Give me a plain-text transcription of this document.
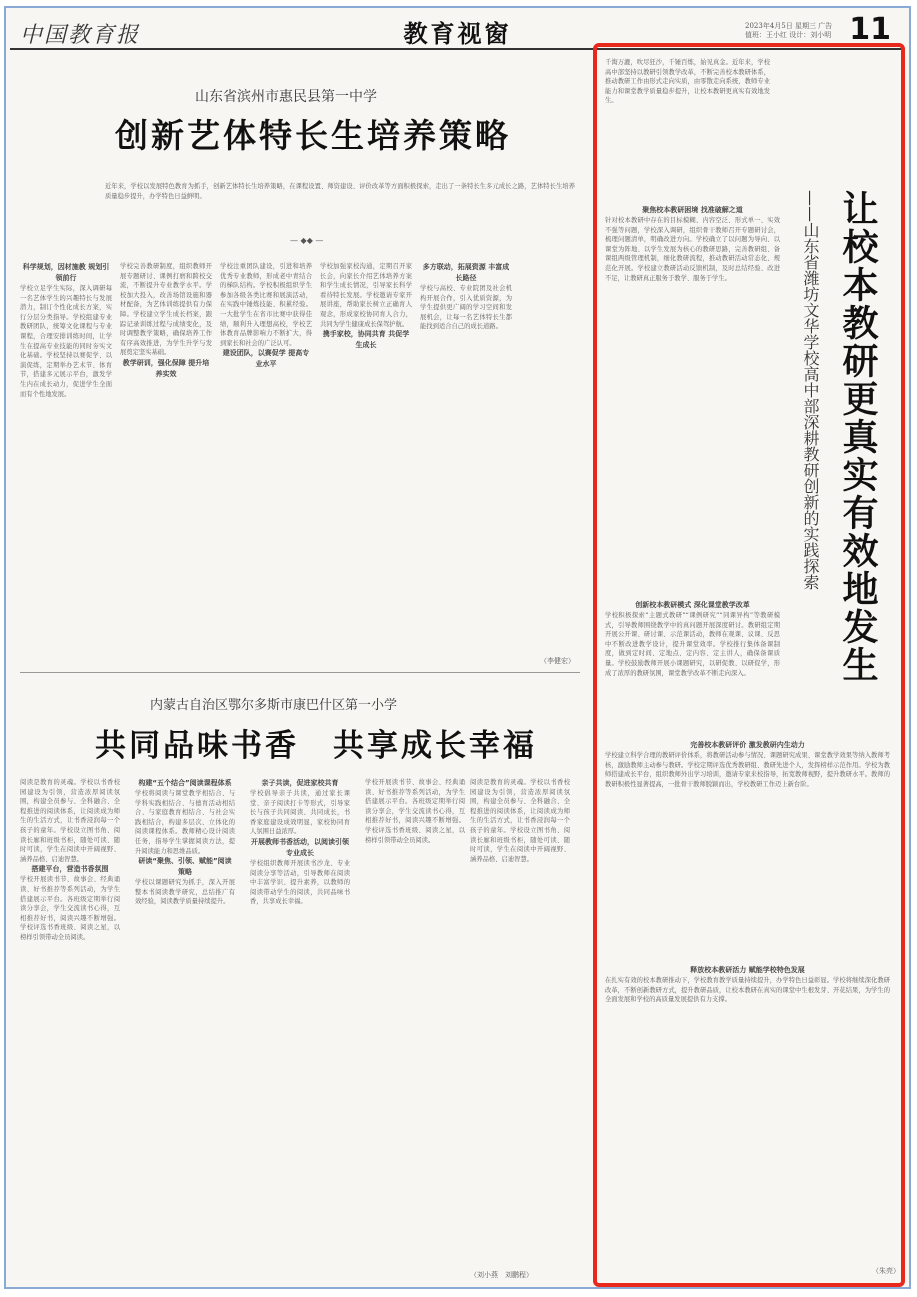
中国教育报	教育视窗	2023年4月5日 星期三 广告 值班：王小红 设计：刘小明 11
山东省滨州市惠民县第一中学
创新艺体特长生培养策略
近年来，学校以发展特色教育为抓手，创新艺体特长生培养策略，在课程设置、师资建设、评价改革等方面积极探索，走出了一条特长生多元成长之路，艺体特长生培养质量稳步提升，办学特色日益鲜明。
— ◆◆ —
科学规划，因材施教 规划引领前行
学校立足学生实际，深入调研每一名艺体学生的兴趣特长与发展潜力，制订个性化成长方案，实行分层分类指导。学校组建专业教研团队，统筹文化课程与专业课程，合理安排训练时间，让学生在提高专业技能的同时夯实文化基础。学校坚持以赛促学、以演促练，定期举办艺术节、体育节，搭建多元展示平台，激发学生内在成长动力，促进学生全面而有个性地发展。
学校完善教研制度，组织教师开展专题研讨、课例打磨和跨校交流，不断提升专业教学水平。学校加大投入，改善场馆设施和器材配备，为艺体训练提供有力保障。学校建立学生成长档案，跟踪记录训练过程与成绩变化，及时调整教学策略，确保培养工作有序高效推进，为学生升学与发展奠定坚实基础。
教学研训，强化保障 提升培养实效
学校注重团队建设，引进和培养优秀专业教师，形成老中青结合的梯队结构。学校积极组织学生参加各级各类比赛和展演活动，在实践中锤炼技能、积累经验。一大批学生在省市比赛中获得佳绩，顺利升入理想高校，学校艺体教育品牌影响力不断扩大，得到家长和社会的广泛认可。
建设团队，以赛促学 提高专业水平
学校加强家校沟通，定期召开家长会，向家长介绍艺体培养方案和学生成长情况，引导家长科学看待特长发展。学校邀请专家开展讲座，帮助家长树立正确育人观念，形成家校协同育人合力，共同为学生健康成长保驾护航。
携手家校，协同共育 共促学生成长
多方联动，拓展资源 丰富成长路径
学校与高校、专业院团及社会机构开展合作，引入优质资源，为学生提供更广阔的学习空间和发展机会，让每一名艺体特长生都能找到适合自己的成长道路。
（李健宏）
内蒙古自治区鄂尔多斯市康巴什区第一小学
共同品味书香　共享成长幸福
阅读是教育的灵魂。学校以书香校园建设为引领，营造浓厚阅读氛围，构建全员参与、全科融合、全程推进的阅读体系，让阅读成为师生的生活方式，让书香浸润每一个孩子的童年。学校设立图书角、阅读长廊和班级书柜，随处可读、随时可读，学生在阅读中开阔视野、涵养品格、启迪智慧。
搭建平台，营造书香氛围
学校开展读书节、故事会、经典诵读、好书推荐等系列活动，为学生搭建展示平台。各班级定期举行阅读分享会，学生交流读书心得，互相推荐好书，阅读兴趣不断增强。学校评选书香班级、阅读之星，以榜样引领带动全员阅读。
构建“五个结合”阅读课程体系
学校将阅读与课堂教学相结合、与学科实践相结合、与德育活动相结合、与家庭教育相结合、与社会实践相结合，构建多层次、立体化的阅读课程体系。教师精心设计阅读任务，指导学生掌握阅读方法，提升阅读能力和思维品质。
研读“聚焦、引领、赋能”阅读策略
学校以课题研究为抓手，深入开展整本书阅读教学研究，总结推广有效经验，阅读教学质量持续提升。
亲子共读，促进家校共育
学校倡导亲子共读，通过家长课堂、亲子阅读打卡等形式，引导家长与孩子共同阅读、共同成长，书香家庭建设成效明显，家校协同育人氛围日益浓厚。
开展教师书香活动，以阅读引领专业成长
学校组织教师开展读书沙龙、专业阅读分享等活动，引导教师在阅读中丰富学识、提升素养，以教师的阅读带动学生的阅读，共同品味书香，共享成长幸福。
学校开展读书节、故事会、经典诵读、好书推荐等系列活动，为学生搭建展示平台。各班级定期举行阅读分享会，学生交流读书心得，互相推荐好书，阅读兴趣不断增强。学校评选书香班级、阅读之星，以榜样引领带动全员阅读。
阅读是教育的灵魂。学校以书香校园建设为引领，营造浓厚阅读氛围，构建全员参与、全科融合、全程推进的阅读体系，让阅读成为师生的生活方式，让书香浸润每一个孩子的童年。学校设立图书角、阅读长廊和班级书柜，随处可读、随时可读，学生在阅读中开阔视野、涵养品格、启迪智慧。
（刘小燕　刘鹏程）
千淘万漉，吹尽狂沙，千锤百炼，始见真金。近年来，学校高中部坚持以教研引领教学改革，不断完善校本教研体系，推动教研工作由形式走向实质，由零散走向系统，教师专业能力和课堂教学质量稳步提升，让校本教研更真实有效地发生。
聚焦校本教研困境 找准破解之道
针对校本教研中存在的目标模糊、内容空泛、形式单一、实效不强等问题，学校深入调研，组织骨干教师召开专题研讨会，梳理问题清单，明确改进方向。学校确立了以问题为导向、以课堂为阵地、以学生发展为核心的教研思路，完善教研组、备课组两级管理机制，细化教研流程，推动教研活动常态化、规范化开展。学校建立教研活动反馈机制，及时总结经验、改进不足，让教研真正服务于教学、服务于学生。
创新校本教研模式 深化课堂教学改革
学校积极探索“主题式教研”“课例研究”“同课异构”等教研模式，引导教师围绕教学中的真问题开展深度研讨。教研组定期开展公开课、研讨课、示范课活动，教师在观课、议课、反思中不断改进教学设计，提升课堂效率。学校推行集体备课制度，做到定时间、定地点、定内容、定主讲人，确保备课质量。学校鼓励教师开展小课题研究，以研促教、以研促学，形成了浓厚的教研氛围，课堂教学改革不断走向深入。
完善校本教研评价 激发教研内生动力
学校建立科学合理的教研评价体系，将教研活动参与情况、课题研究成果、课堂教学效果等纳入教师考核，激励教师主动参与教研。学校定期评选优秀教研组、教研先进个人，发挥榜样示范作用。学校为教师搭建成长平台，组织教师外出学习培训，邀请专家来校指导，拓宽教师视野，提升教研水平。教师的教研积极性显著提高，一批骨干教师脱颖而出，学校教研工作迈上新台阶。
释放校本教研活力 赋能学校特色发展
在扎实有效的校本教研推动下，学校教育教学质量持续提升，办学特色日益彰显。学校将继续深化教研改革，不断创新教研方式，提升教研品质，让校本教研在真实的课堂中生根发芽、开花结果，为学生的全面发展和学校的高质量发展提供有力支撑。
（朱亮）
让校本教研更真实有效地发生
——山东省潍坊文华学校高中部深耕教研创新的实践探索
